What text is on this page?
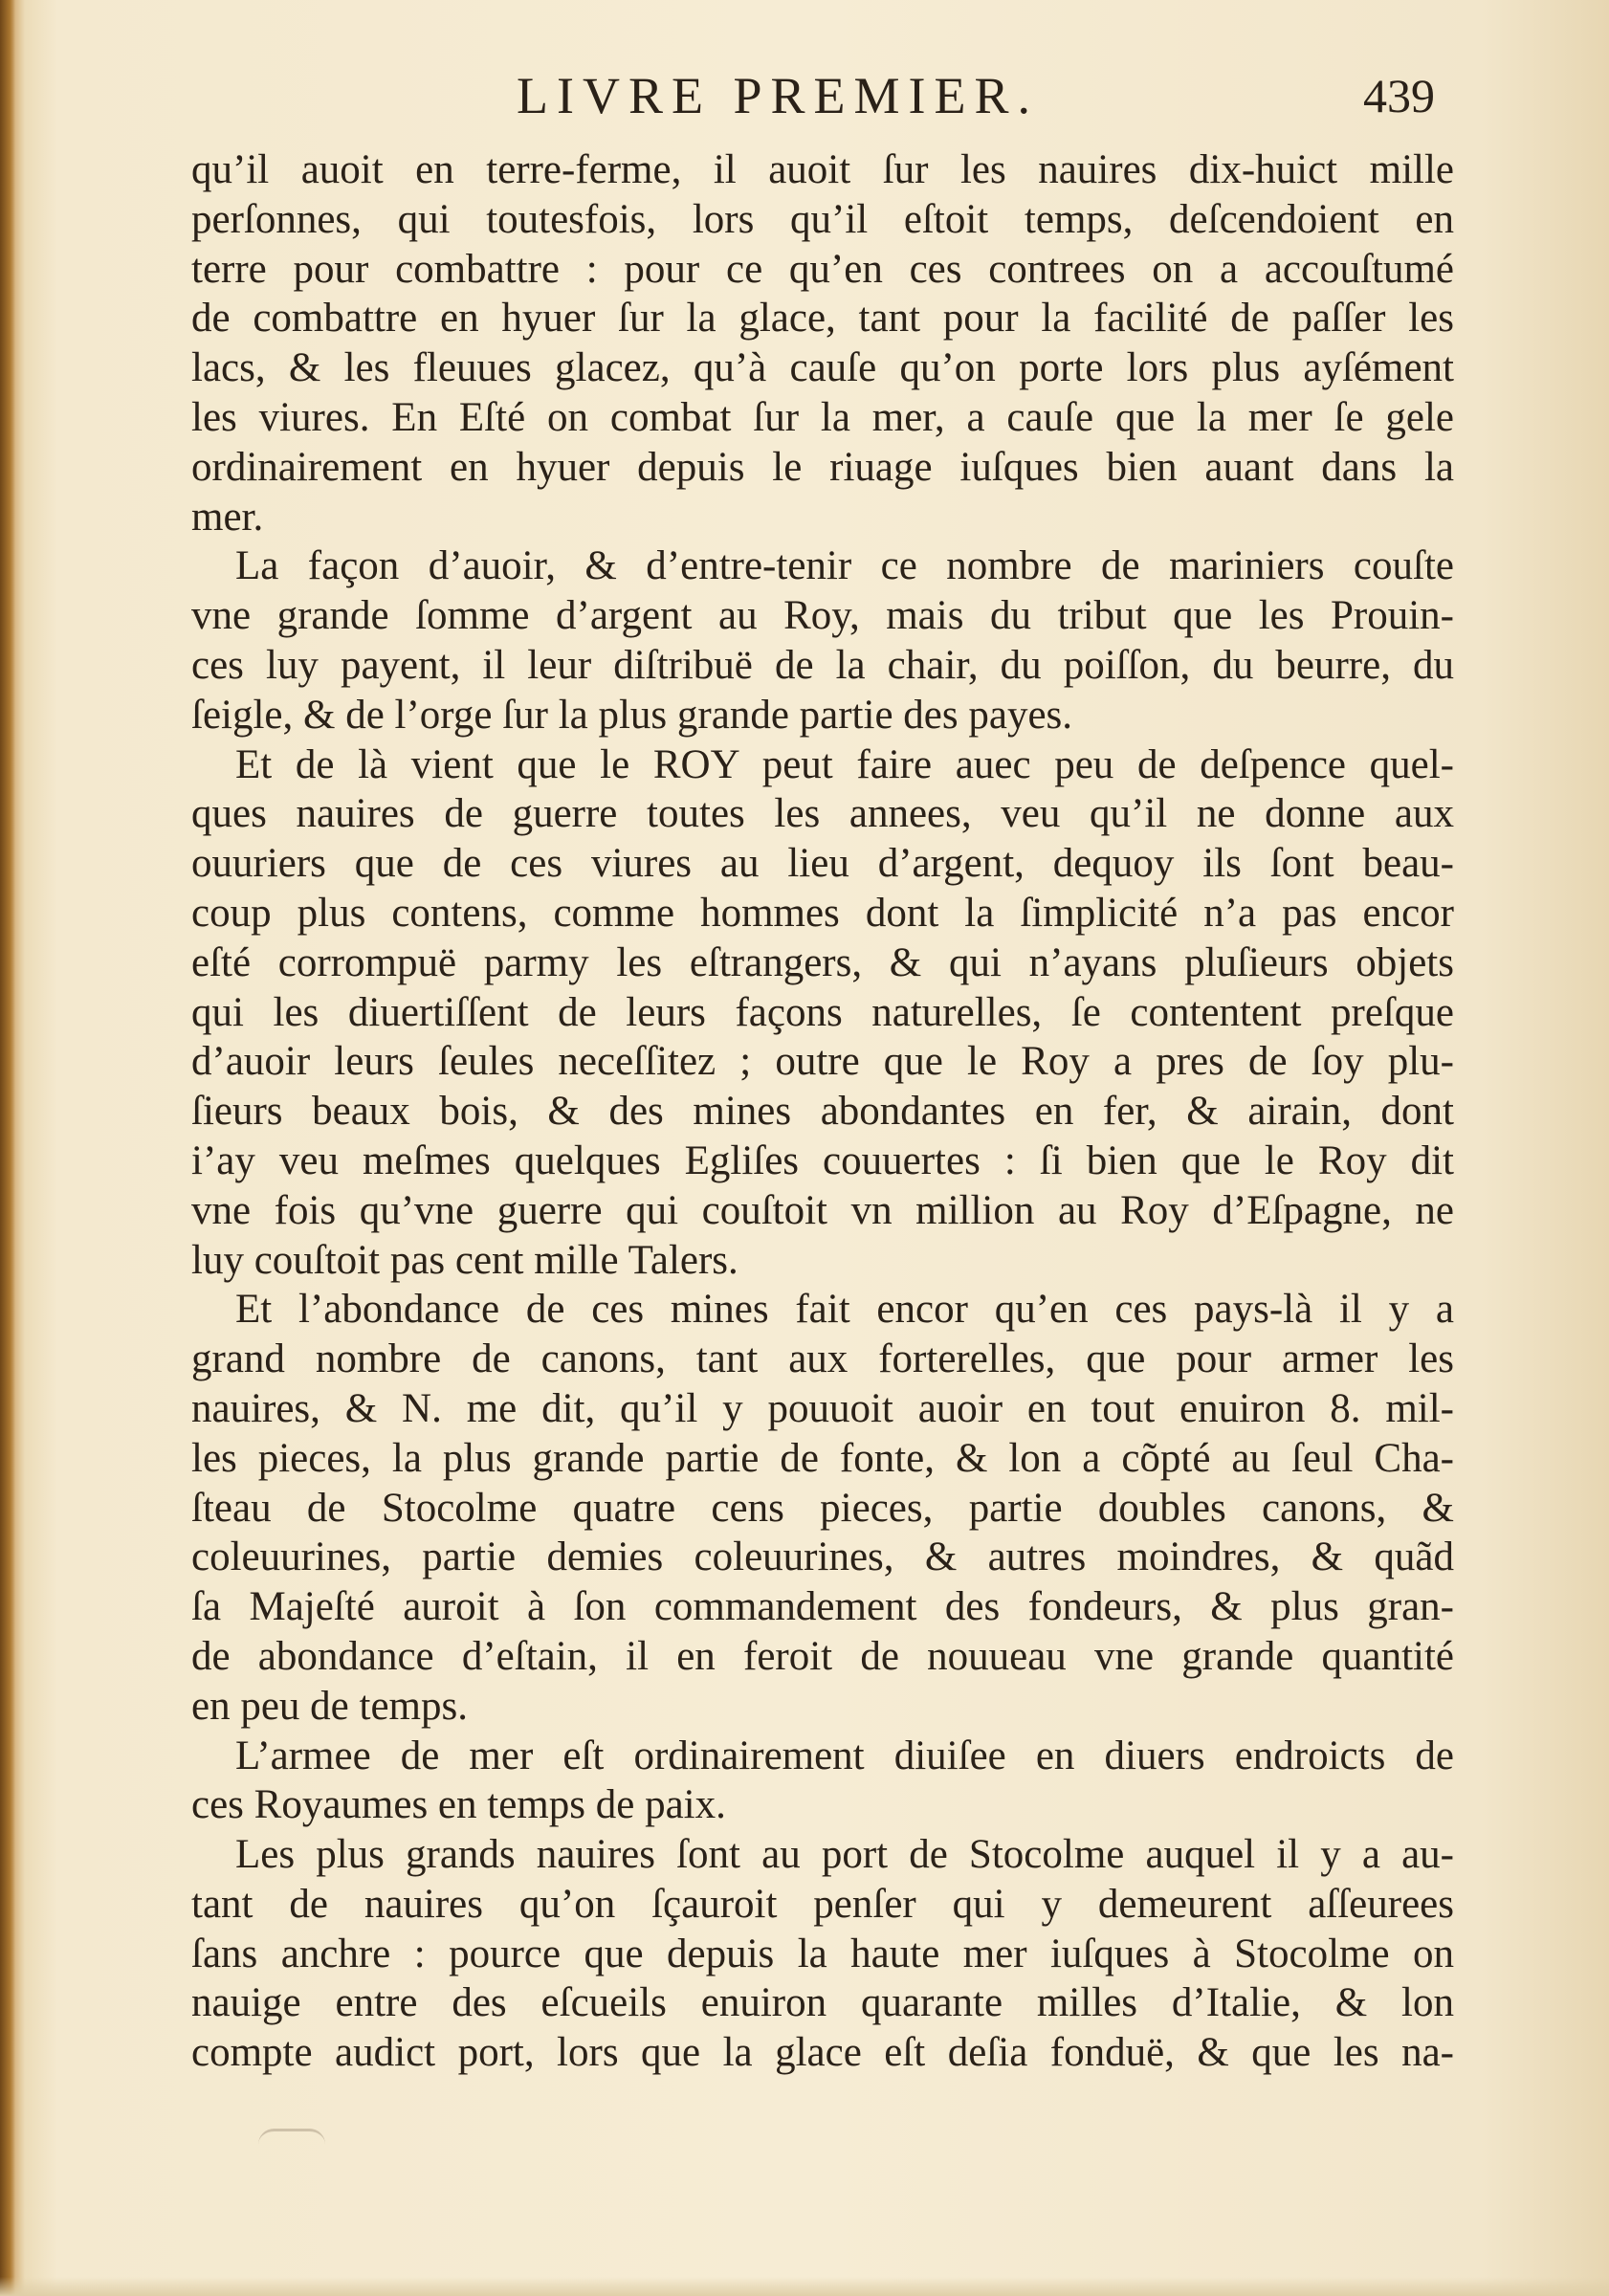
LIVRE PREMIER.	439
qu’il auoit en terre-ferme, il auoit ſur les nauires dix-huict mille
perſonnes, qui toutesfois, lors qu’il eſtoit temps, deſcendoient en
terre pour combattre : pour ce qu’en ces contrees on a accouſtumé
de combattre en hyuer ſur la glace, tant pour la facilité de paſſer les
lacs, & les fleuues glacez, qu’à cauſe qu’on porte lors plus ayſément
les viures. En Eſté on combat ſur la mer, a cauſe que la mer ſe gele
ordinairement en hyuer depuis le riuage iuſques bien auant dans la
mer.
La façon d’auoir, & d’entre-tenir ce nombre de mariniers couſte
vne grande ſomme d’argent au Roy, mais du tribut que les Prouin-
ces luy payent, il leur diſtribuë de la chair, du poiſſon, du beurre, du
ſeigle, & de l’orge ſur la plus grande partie des payes.
Et de là vient que le ROY peut faire auec peu de deſpence quel-
ques nauires de guerre toutes les annees, veu qu’il ne donne aux
ouuriers que de ces viures au lieu d’argent, dequoy ils ſont beau-
coup plus contens, comme hommes dont la ſimplicité n’a pas encor
eſté corrompuë parmy les eſtrangers, & qui n’ayans pluſieurs objets
qui les diuertiſſent de leurs façons naturelles, ſe contentent preſque
d’auoir leurs ſeules neceſſitez ; outre que le Roy a pres de ſoy plu-
ſieurs beaux bois, & des mines abondantes en fer, & airain, dont
i’ay veu meſmes quelques Egliſes couuertes : ſi bien que le Roy dit
vne fois qu’vne guerre qui couſtoit vn million au Roy d’Eſpagne, ne
luy couſtoit pas cent mille Talers.
Et l’abondance de ces mines fait encor qu’en ces pays-là il y a
grand nombre de canons, tant aux forterelles, que pour armer les
nauires, & N. me dit, qu’il y pouuoit auoir en tout enuiron 8. mil-
les pieces, la plus grande partie de fonte, & lon a cõpté au ſeul Cha-
ſteau de Stocolme quatre cens pieces, partie doubles canons, &
coleuurines, partie demies coleuurines, & autres moindres, & quãd
ſa Majeſté auroit à ſon commandement des fondeurs, & plus gran-
de abondance d’eſtain, il en feroit de nouueau vne grande quantité
en peu de temps.
L’armee de mer eſt ordinairement diuiſee en diuers endroicts de
ces Royaumes en temps de paix.
Les plus grands nauires ſont au port de Stocolme auquel il y a au-
tant de nauires qu’on ſçauroit penſer qui y demeurent aſſeurees
ſans anchre : pource que depuis la haute mer iuſques à Stocolme on
nauige entre des eſcueils enuiron quarante milles d’Italie, & lon
compte audict port, lors que la glace eſt deſia fonduë, & que les na-
